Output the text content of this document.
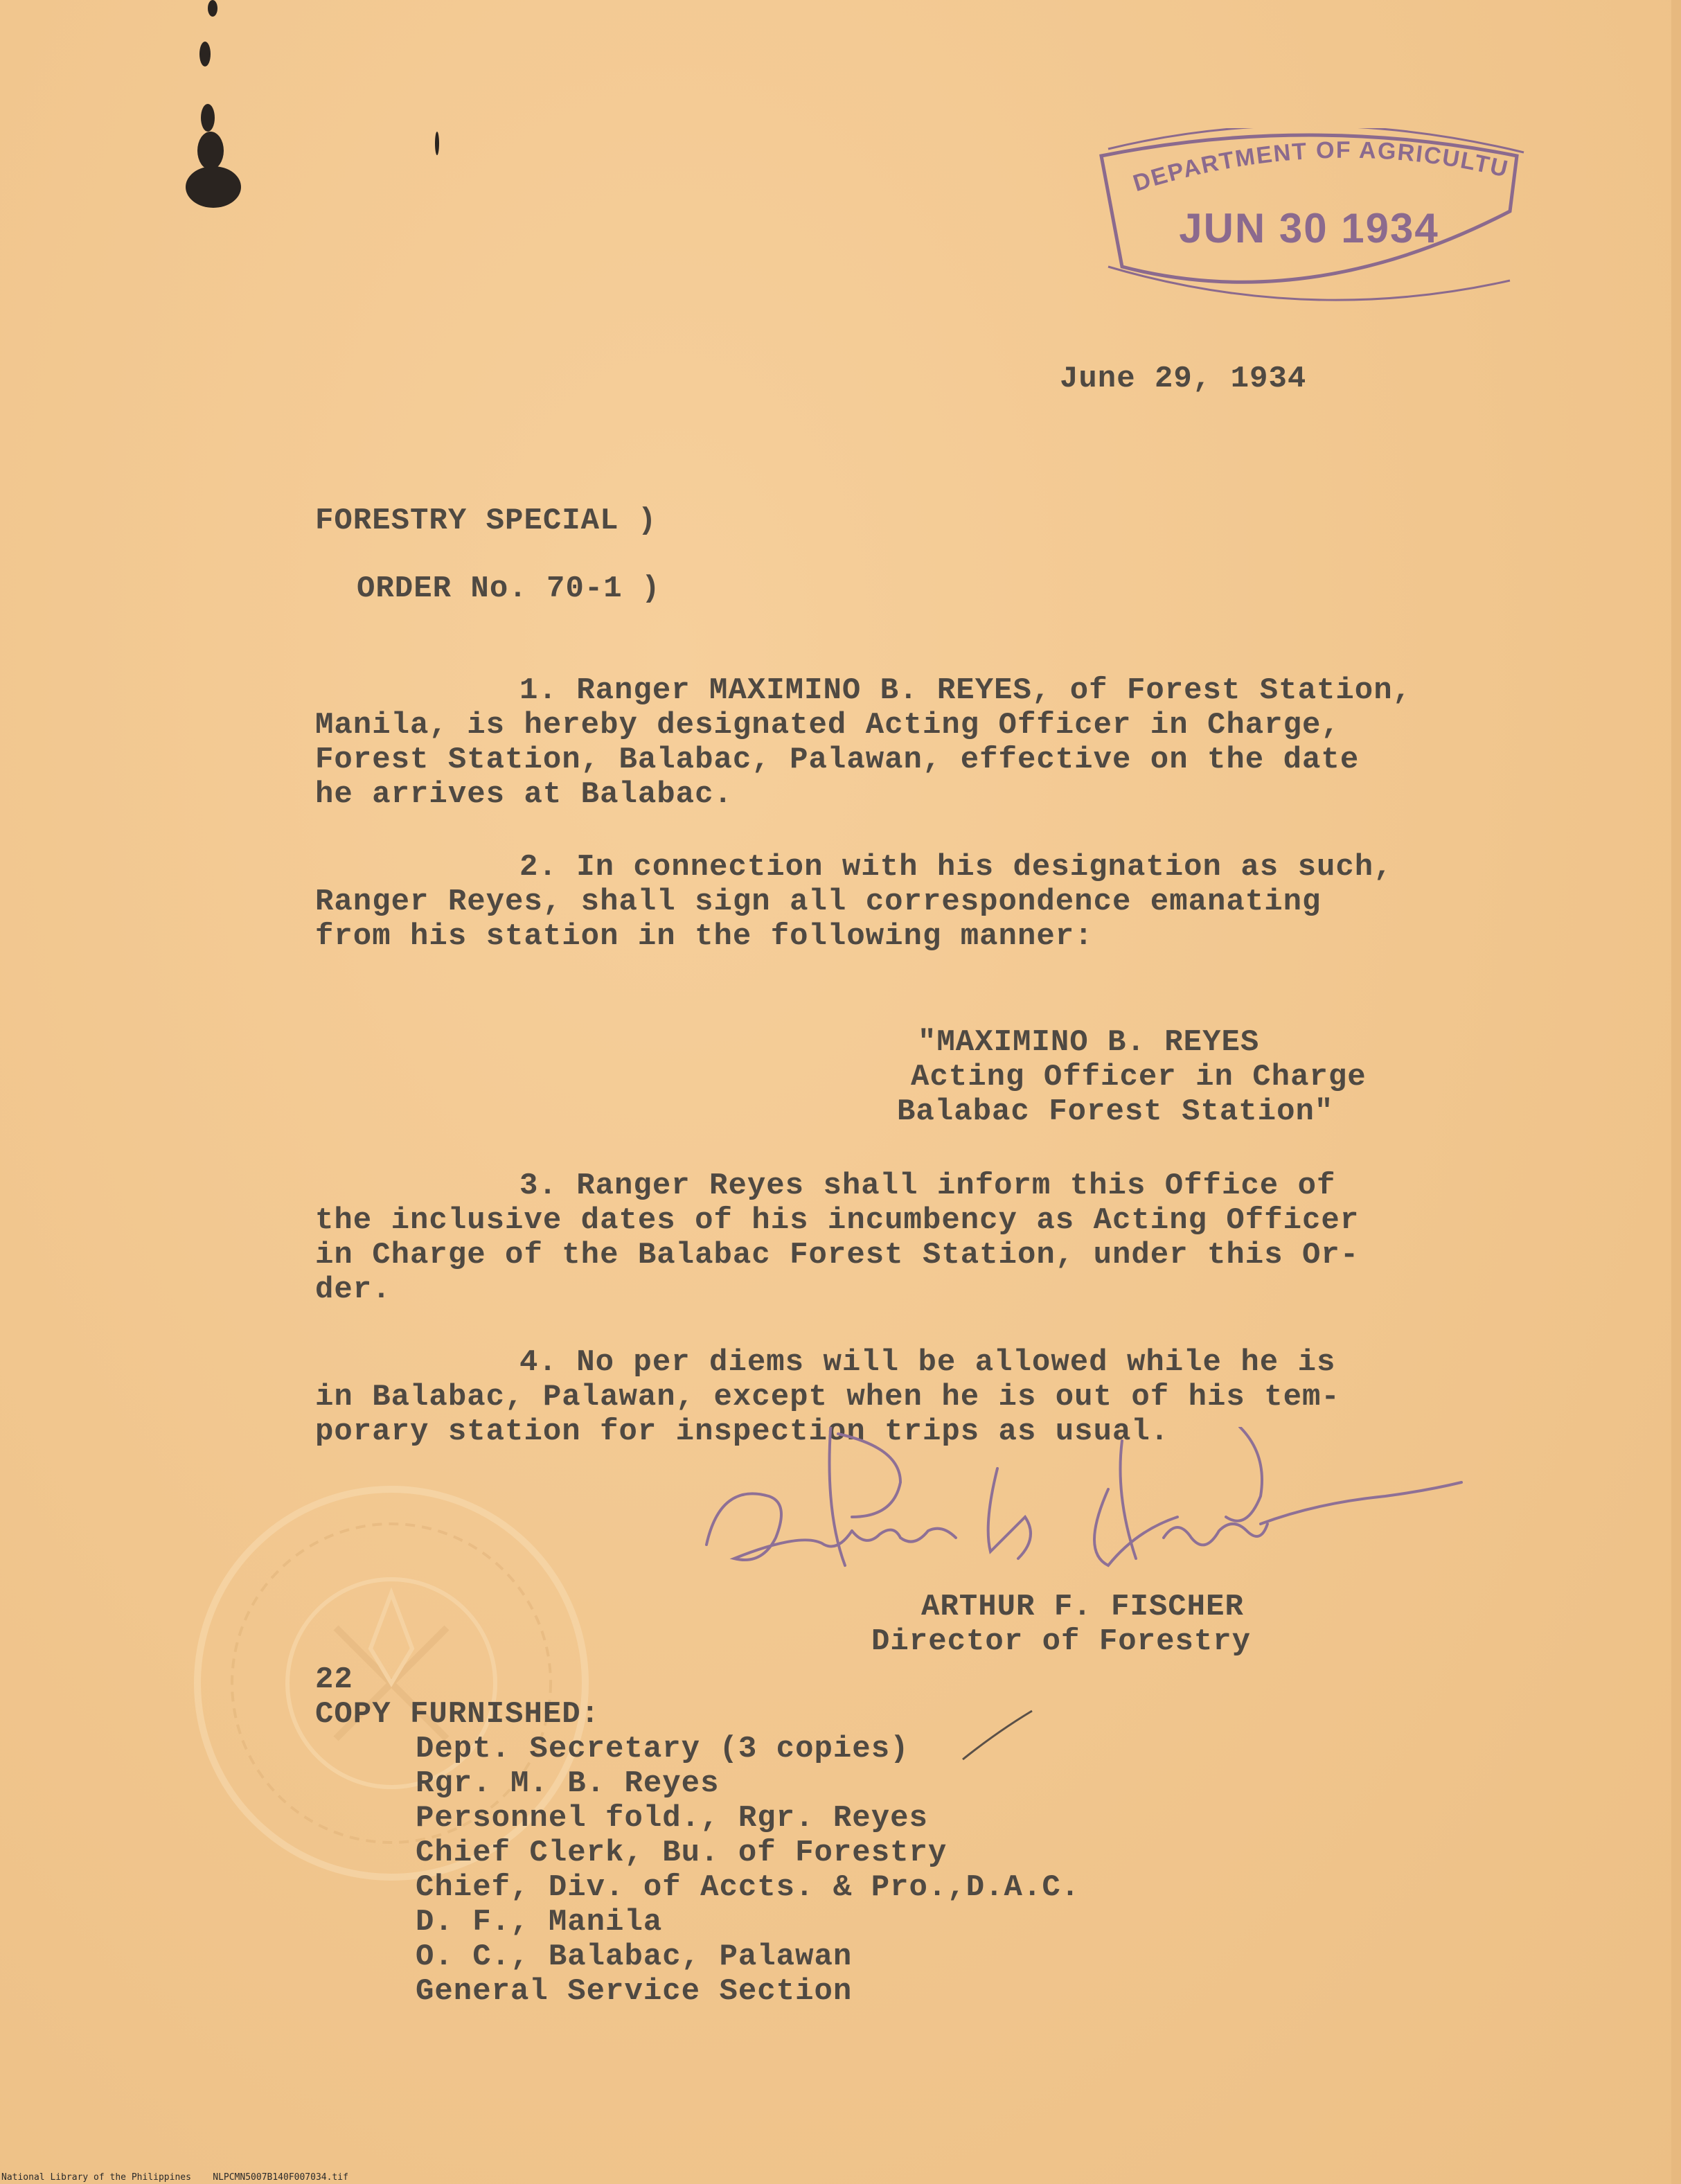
DEPARTMENT OF AGRICULTU
JUN 30 1934
June 29, 1934
FORESTRY SPECIAL )
ORDER No. 70-1 )
1. Ranger MAXIMINO B. REYES, of Forest Station,
Manila, is hereby designated Acting Officer in Charge,
Forest Station, Balabac, Palawan, effective on the date
he arrives at Balabac.
2. In connection with his designation as such,
Ranger Reyes, shall sign all correspondence emanating
from his station in the following manner:
"MAXIMINO B. REYES
Acting Officer in Charge
Balabac Forest Station"
3. Ranger Reyes shall inform this Office of
the inclusive dates of his incumbency as Acting Officer
in Charge of the Balabac Forest Station, under this Or-
der.
4. No per diems will be allowed while he is
in Balabac, Palawan, except when he is out of his tem-
porary station for inspection trips as usual.
ARTHUR F. FISCHER
Director of Forestry
22
COPY FURNISHED:
Dept. Secretary (3 copies)
Rgr. M. B. Reyes
Personnel fold., Rgr. Reyes
Chief Clerk, Bu. of Forestry
Chief, Div. of Accts. & Pro.,D.A.C.
D. F., Manila
O. C., Balabac, Palawan
General Service Section
National Library of the Philippines NLPCMN5007B140F007034.tif
